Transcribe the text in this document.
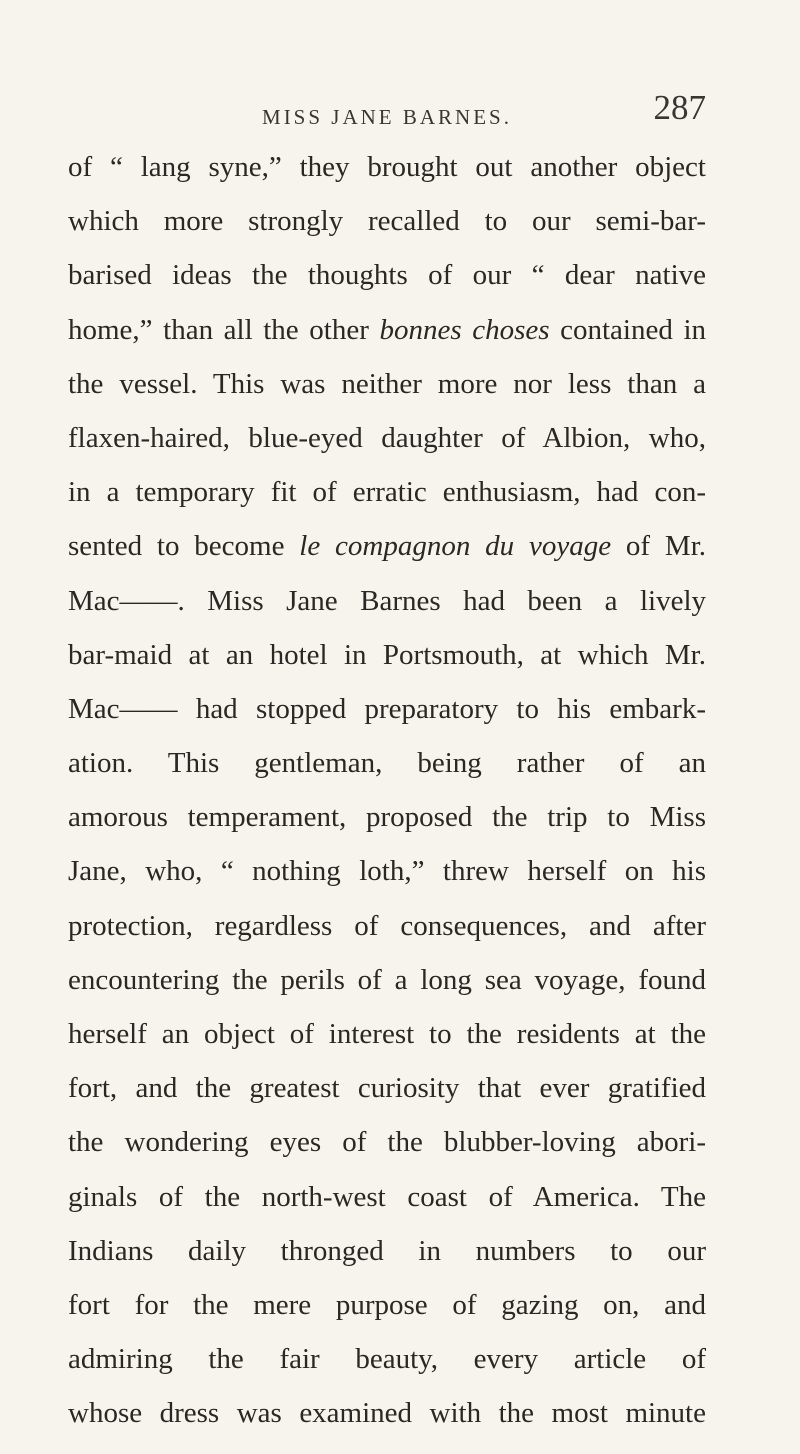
MISS JANE BARNES.	287
of “ lang syne,” they brought out another object
which more strongly recalled to our semi-bar-
barised ideas the thoughts of our “ dear native
home,” than all the other bonnes choses contained in
the vessel. This was neither more nor less than a
flaxen-haired, blue-eyed daughter of Albion, who,
in a temporary fit of erratic enthusiasm, had con-
sented to become le compagnon du voyage of Mr.
Mac——. Miss Jane Barnes had been a lively
bar-maid at an hotel in Portsmouth, at which Mr.
Mac—— had stopped preparatory to his embark-
ation. This gentleman, being rather of an
amorous temperament, proposed the trip to Miss
Jane, who, “ nothing loth,” threw herself on his
protection, regardless of consequences, and after
encountering the perils of a long sea voyage, found
herself an object of interest to the residents at the
fort, and the greatest curiosity that ever gratified
the wondering eyes of the blubber-loving abori-
ginals of the north-west coast of America. The
Indians daily thronged in numbers to our
fort for the mere purpose of gazing on, and
admiring the fair beauty, every article of
whose dress was examined with the most minute
